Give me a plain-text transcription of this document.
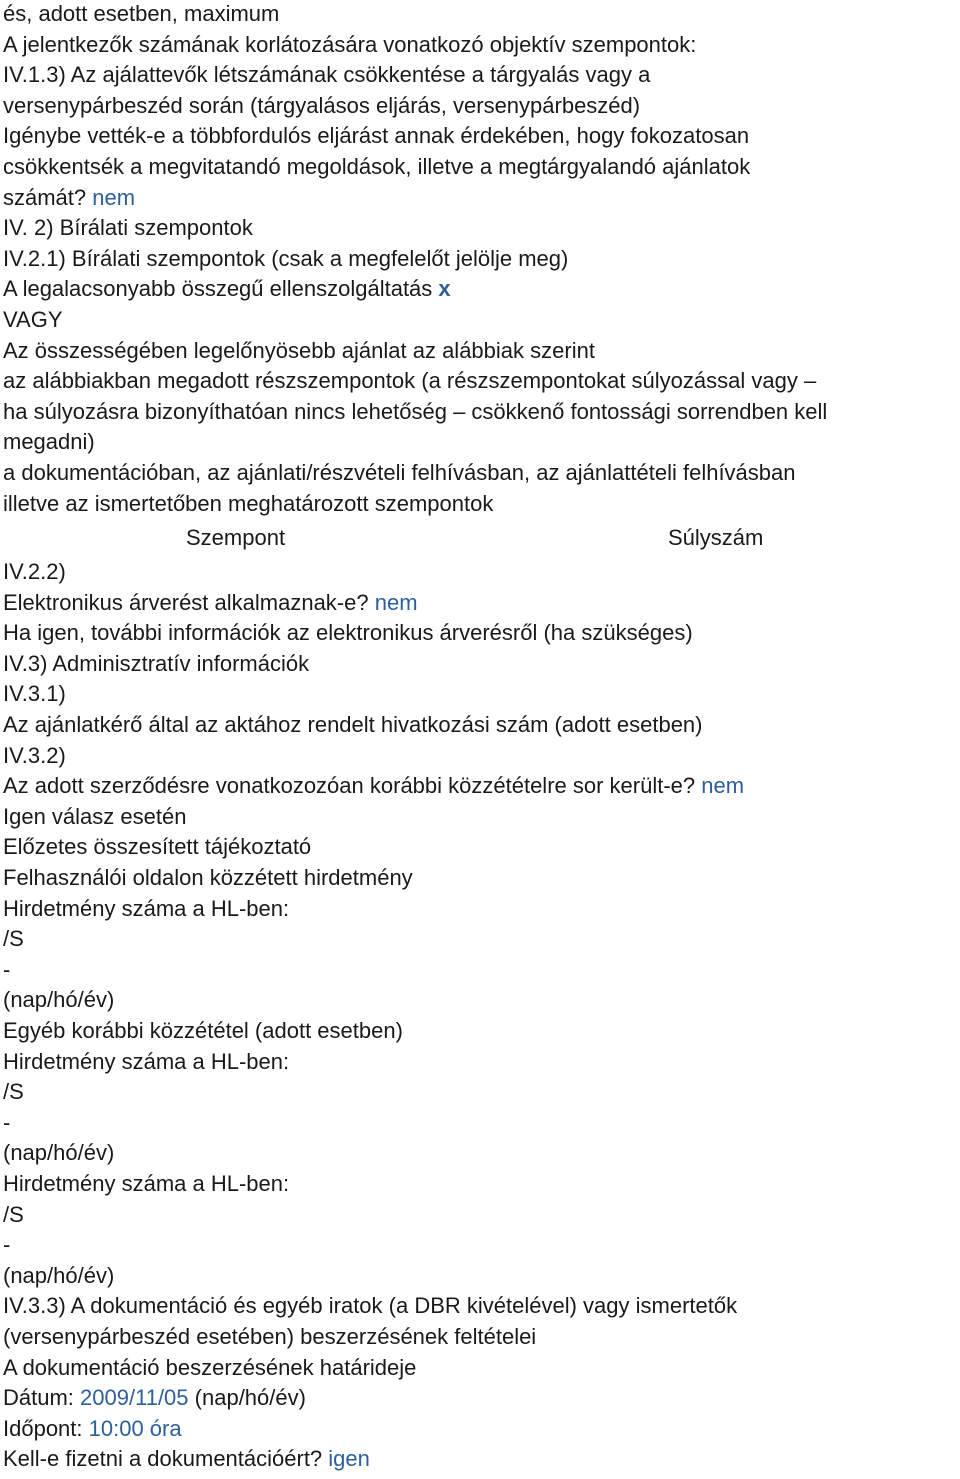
és, adott esetben, maximum
A jelentkezők számának korlátozására vonatkozó objektív szempontok:
IV.1.3) Az ajálattevők létszámának csökkentése a tárgyalás vagy a
versenypárbeszéd során (tárgyalásos eljárás, versenypárbeszéd)
Igénybe vették-e a többfordulós eljárást annak érdekében, hogy fokozatosan
csökkentsék a megvitatandó megoldások, illetve a megtárgyalandó ajánlatok
számát? nem
IV. 2) Bírálati szempontok
IV.2.1) Bírálati szempontok (csak a megfelelőt jelölje meg)
A legalacsonyabb összegű ellenszolgáltatás x
VAGY
Az összességében legelőnyösebb ajánlat az alábbiak szerint
az alábbiakban megadott részszempontok (a részszempontokat súlyozással vagy –
ha súlyozásra bizonyíthatóan nincs lehetőség – csökkenő fontossági sorrendben kell
megadni)
a dokumentációban, az ajánlati/részvételi felhívásban, az ajánlattételi felhívásban
illetve az ismertetőben meghatározott szempontok
Szempont	Súlyszám
IV.2.2)
Elektronikus árverést alkalmaznak-e? nem
Ha igen, további információk az elektronikus árverésről (ha szükséges)
IV.3) Adminisztratív információk
IV.3.1)
Az ajánlatkérő által az aktához rendelt hivatkozási szám (adott esetben)
IV.3.2)
Az adott szerződésre vonatkozozóan korábbi közzétételre sor került-e? nem
Igen válasz esetén
Előzetes összesített tájékoztató
Felhasználói oldalon közzétett hirdetmény
Hirdetmény száma a HL-ben:
/S
-
(nap/hó/év)
Egyéb korábbi közzététel (adott esetben)
Hirdetmény száma a HL-ben:
/S
-
(nap/hó/év)
Hirdetmény száma a HL-ben:
/S
-
(nap/hó/év)
IV.3.3) A dokumentáció és egyéb iratok (a DBR kivételével) vagy ismertetők
(versenypárbeszéd esetében) beszerzésének feltételei
A dokumentáció beszerzésének határideje
Dátum: 2009/11/05 (nap/hó/év)
Időpont: 10:00 óra
Kell-e fizetni a dokumentációért? igen
